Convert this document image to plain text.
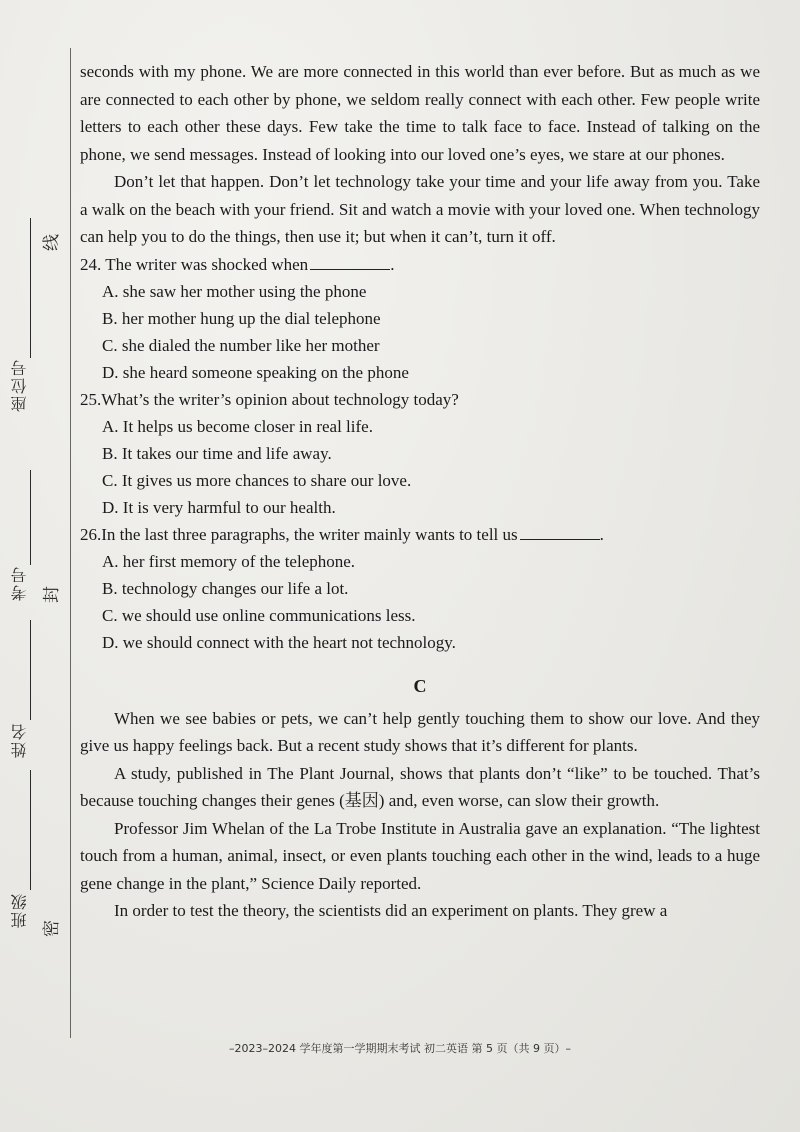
座位号
线
考号 封
姓名
班级
密

seconds with my phone. We are more connected in this world than ever before. But as much as we are connected to each other by phone, we seldom really connect with each other. Few people write letters to each other these days. Few take the time to talk face to face. Instead of talking on the phone, we send messages. Instead of looking into our loved one’s eyes, we stare at our phones.

Don’t let that happen. Don’t let technology take your time and your life away from you. Take a walk on the beach with your friend. Sit and watch a movie with your loved one. When technology can help you to do the things, then use it; but when it can’t, turn it off.

24. The writer was shocked when	.

A. she saw her mother using the phone

B. her mother hung up the dial telephone

C. she dialed the number like her mother

D. she heard someone speaking on the phone

25.What’s the writer’s opinion about technology today?

A. It helps us become closer in real life.

B. It takes our time and life away.

C. It gives us more chances to share our love.

D. It is very harmful to our health.

26.In the last three paragraphs, the writer mainly wants to tell us	.

A. her first memory of the telephone.

B. technology changes our life a lot.

C. we should use online communications less.

D. we should connect with the heart not technology.

C

When we see babies or pets, we can’t help gently touching them to show our love. And they give us happy feelings back. But a recent study shows that it’s different for plants.

A study, published in The Plant Journal, shows that plants don’t “like” to be touched. That’s because touching changes their genes (基因) and, even worse, can slow their growth.

Professor Jim Whelan of the La Trobe Institute in Australia gave an explanation. “The lightest touch from a human, animal, insect, or even plants touching each other in the wind, leads to a huge gene change in the plant,” Science Daily reported.

In order to test the theory, the scientists did an experiment on plants. They grew a

–2023–2024 学年度第一学期期末考试 初二英语 第 5 页（共 9 页）–
